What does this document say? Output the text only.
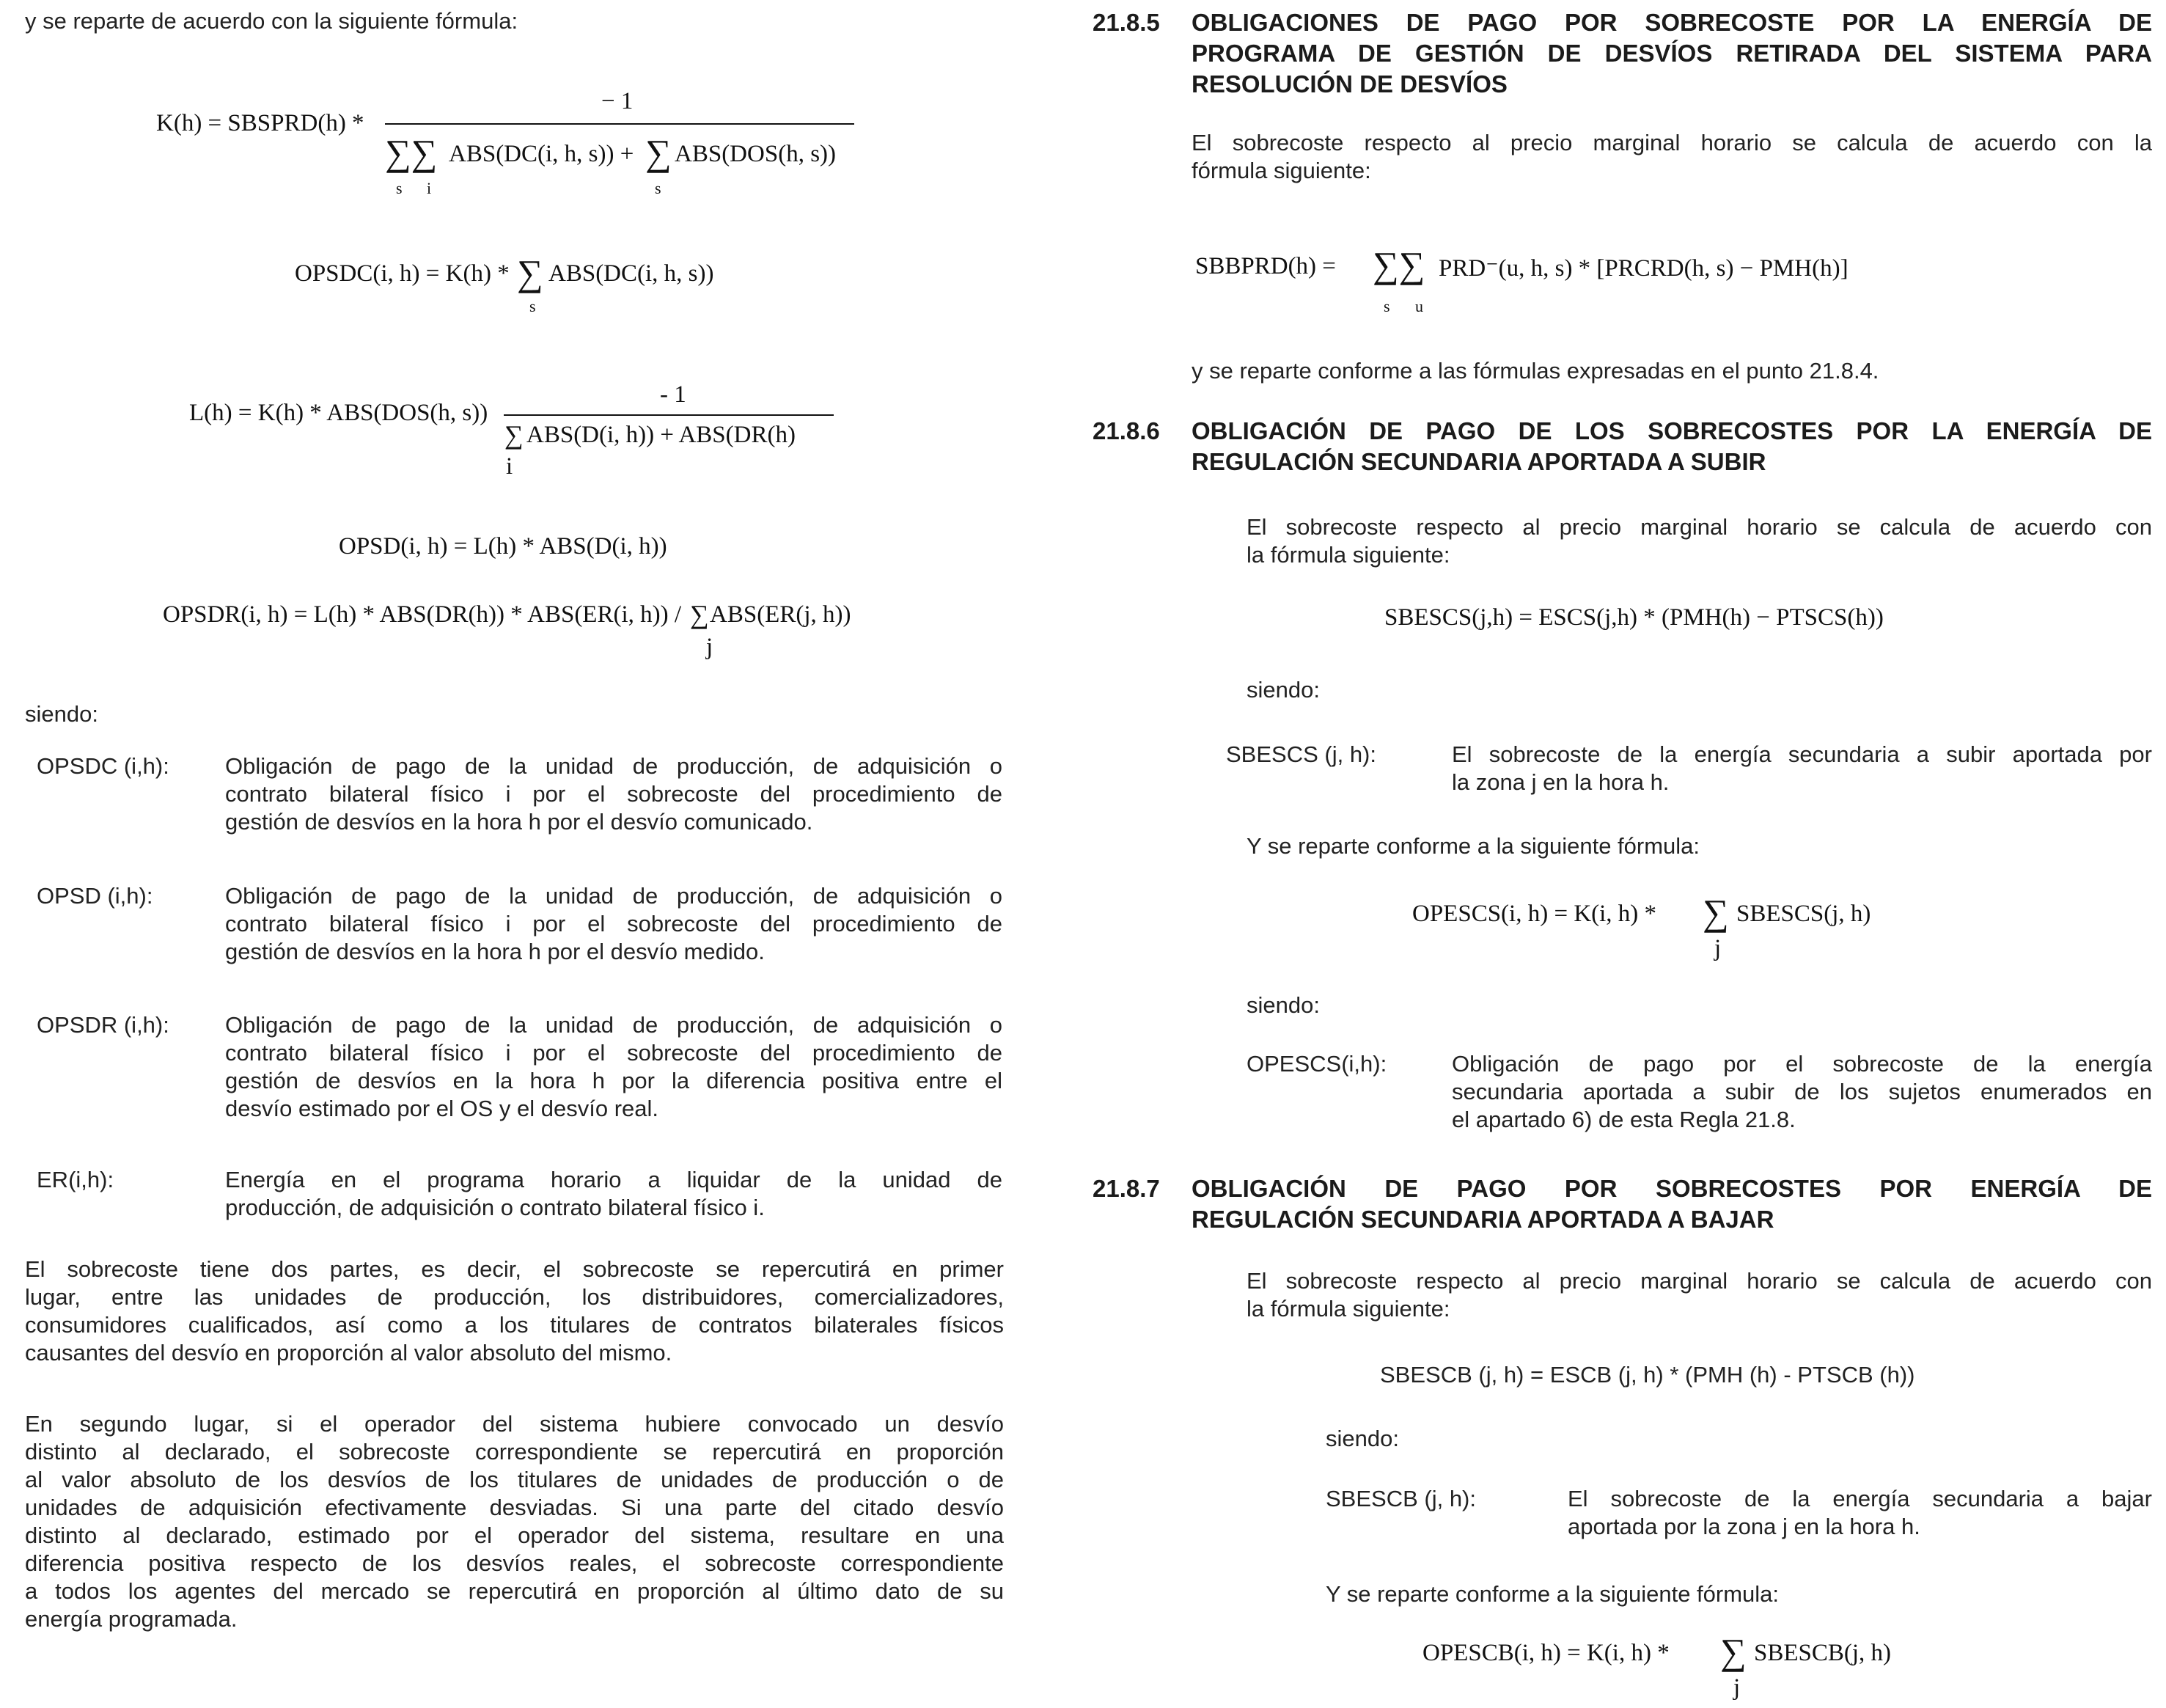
y se reparte de acuerdo con la siguiente fórmula:
K(h) = SBSPRD(h) *
− 1
∑∑ ABS(DC(i, h, s)) + ∑ ABS(DOS(h, s))
s i	s
OPSDC(i, h) = K(h) * ∑ ABS(DC(i, h, s))
s
L(h) = K(h) * ABS(DOS(h, s))
- 1
∑ ABS(D(i, h)) + ABS(DR(h)
i
OPSD(i, h) = L(h) * ABS(D(i, h))
OPSDR(i, h) = L(h) * ABS(DR(h)) * ABS(ER(i, h)) / ∑ ABS(ER(j, h))
j
siendo:
OPSDC (i,h): Obligación de pago de la unidad de producción, de adquisición o
contrato bilateral físico i por el sobrecoste del procedimiento de
gestión de desvíos en la hora h por el desvío comunicado.
OPSD (i,h):	Obligación de pago de la unidad de producción, de adquisición o
contrato bilateral físico i por el sobrecoste del procedimiento de
gestión de desvíos en la hora h por el desvío medido.
OPSDR (i,h): Obligación de pago de la unidad de producción, de adquisición o
contrato bilateral físico i por el sobrecoste del procedimiento de
gestión de desvíos en la hora h por la diferencia positiva entre el
desvío estimado por el OS y el desvío real.
ER(i,h):	Energía en el programa horario a liquidar de la unidad de
producción, de adquisición o contrato bilateral físico i.
El sobrecoste tiene dos partes, es decir, el sobrecoste se repercutirá en primer
lugar, entre las unidades de producción, los distribuidores, comercializadores,
consumidores cualificados, así como a los titulares de contratos bilaterales físicos
causantes del desvío en proporción al valor absoluto del mismo.
En segundo lugar, si el operador del sistema hubiere convocado un desvío
distinto al declarado, el sobrecoste correspondiente se repercutirá en proporción
al valor absoluto de los desvíos de los titulares de unidades de producción o de
unidades de adquisición efectivamente desviadas. Si una parte del citado desvío
distinto al declarado, estimado por el operador del sistema, resultare en una
diferencia positiva respecto de los desvíos reales, el sobrecoste correspondiente
a todos los agentes del mercado se repercutirá en proporción al último dato de su
energía programada.
21.8.5 OBLIGACIONES DE PAGO POR SOBRECOSTE POR LA ENERGÍA DE
PROGRAMA DE GESTIÓN DE DESVÍOS RETIRADA DEL SISTEMA PARA
RESOLUCIÓN DE DESVÍOS
El sobrecoste respecto al precio marginal horario se calcula de acuerdo con la
fórmula siguiente:
SBBPRD(h) = ∑∑ PRD⁻(u, h, s) * [PRCRD(h, s) − PMH(h)]
s u
y se reparte conforme a las fórmulas expresadas en el punto 21.8.4.
21.8.6 OBLIGACIÓN DE PAGO DE LOS SOBRECOSTES POR LA ENERGÍA DE
REGULACIÓN SECUNDARIA APORTADA A SUBIR
El sobrecoste respecto al precio marginal horario se calcula de acuerdo con
la fórmula siguiente:
SBESCS(j,h) = ESCS(j,h) * (PMH(h) − PTSCS(h))
siendo:
SBESCS (j, h):	El sobrecoste de la energía secundaria a subir aportada por
la zona j en la hora h.
Y se reparte conforme a la siguiente fórmula:
OPESCS(i, h) = K(i, h) * ∑ SBESCS(j, h)
j
siendo:
OPESCS(i,h):	Obligación de pago por el sobrecoste de la energía
secundaria aportada a subir de los sujetos enumerados en
el apartado 6) de esta Regla 21.8.
21.8.7 OBLIGACIÓN DE PAGO POR SOBRECOSTES POR ENERGÍA DE
REGULACIÓN SECUNDARIA APORTADA A BAJAR
El sobrecoste respecto al precio marginal horario se calcula de acuerdo con
la fórmula siguiente:
SBESCB (j, h) = ESCB (j, h) * (PMH (h) - PTSCB (h))
siendo:
SBESCB (j, h):	El sobrecoste de la energía secundaria a bajar
aportada por la zona j en la hora h.
Y se reparte conforme a la siguiente fórmula:
OPESCB(i, h) = K(i, h) * ∑ SBESCB(j, h)
j
